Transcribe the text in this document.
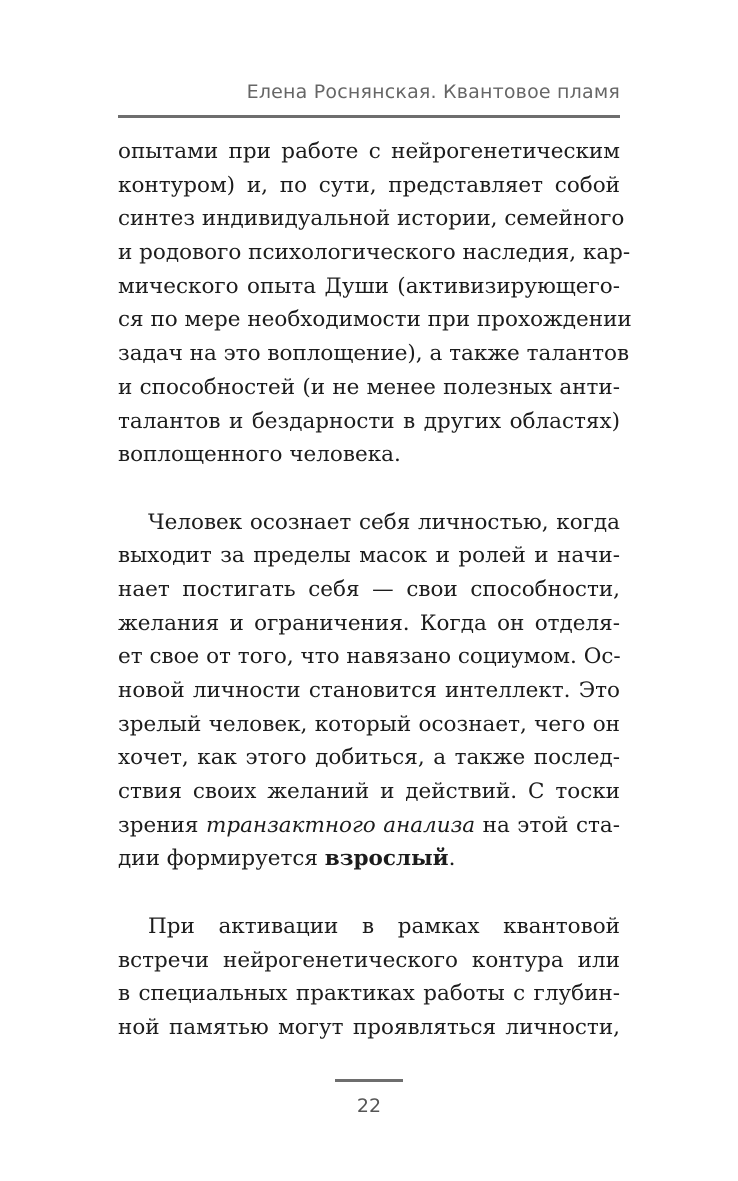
Елена Роснянская. Квантовое пламя
опытами при работе с нейрогенетическим
контуром) и, по сути, представляет собой
синтез индивидуальной истории, семейного
и родового психологического наследия, кар-
мического опыта Души (активизирующего-
ся по мере необходимости при прохождении
задач на это воплощение), а также талантов
и способностей (и не менее полезных анти-
талантов и бездарности в других областях)
воплощенного человека.
Человек осознает себя личностью, когда
выходит за пределы масок и ролей и начи-
нает постигать себя — свои способности,
желания и ограничения. Когда он отделя-
ет свое от того, что навязано социумом. Ос-
новой личности становится интеллект. Это
зрелый человек, который осознает, чего он
хочет, как этого добиться, а также послед-
ствия своих желаний и действий. С тоски
зрения транзактного анализа на этой ста-
дии формируется взрослый.
При активации в рамках квантовой
встречи нейрогенетического контура или
в специальных практиках работы с глубин-
ной памятью могут проявляться личности,
22
